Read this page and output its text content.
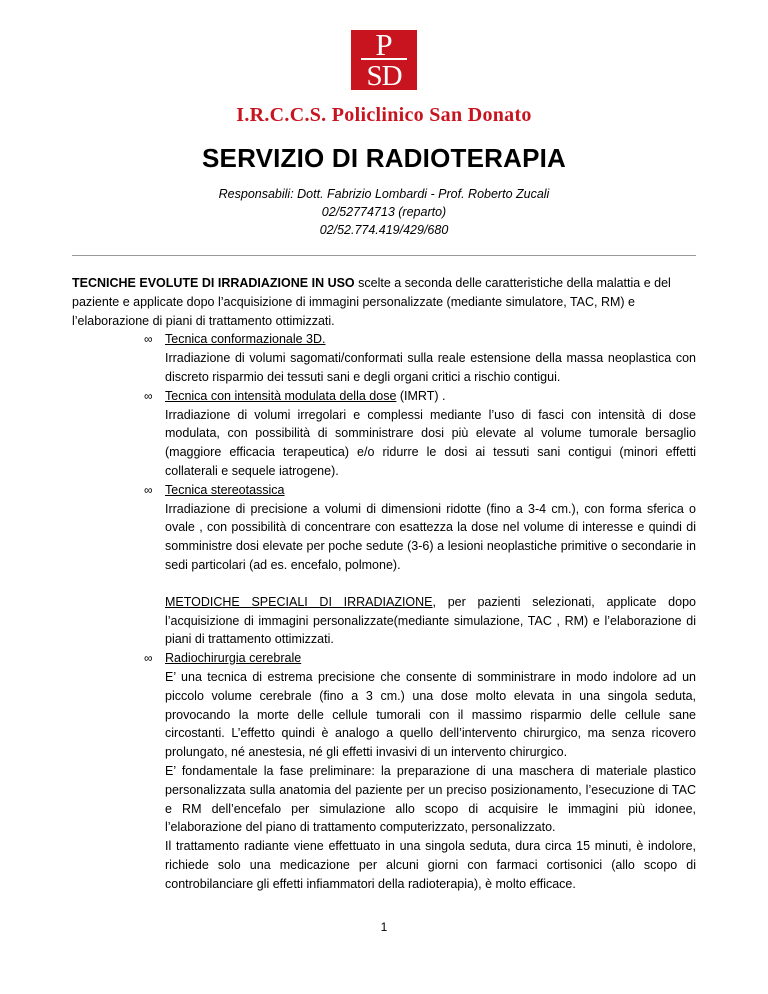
P
SD
I.R.C.C.S. Policlinico San Donato
SERVIZIO DI RADIOTERAPIA
Responsabili: Dott. Fabrizio Lombardi - Prof. Roberto Zucali
02/52774713 (reparto)
02/52.774.419/429/680

TECNICHE EVOLUTE DI IRRADIAZIONE IN USO scelte a seconda delle caratteristiche della malattia e del paziente e applicate dopo l’acquisizione di immagini personalizzate (mediante simulatore, TAC, RM) e l’elaborazione di piani di trattamento ottimizzati.

∞ Tecnica conformazionale 3D.
Irradiazione di volumi sagomati/conformati sulla reale estensione della massa neoplastica con discreto risparmio dei tessuti sani e degli organi critici a rischio contigui.
∞ Tecnica con intensità modulata della dose (IMRT) .
Irradiazione di volumi irregolari e complessi mediante l’uso di fasci con intensità di dose modulata, con possibilità di somministrare dosi più elevate al volume tumorale bersaglio (maggiore efficacia terapeutica) e/o ridurre le dosi ai tessuti sani contigui (minori effetti collaterali e sequele iatrogene).
∞ Tecnica stereotassica
Irradiazione di precisione a volumi di dimensioni ridotte (fino a 3-4 cm.), con forma sferica o ovale , con possibilità di concentrare con esattezza la dose nel volume di interesse e quindi di somministre dosi elevate per poche sedute (3-6) a lesioni neoplastiche primitive o secondarie in sedi particolari (ad es. encefalo, polmone).

METODICHE SPECIALI DI IRRADIAZIONE, per pazienti selezionati, applicate dopo l’acquisizione di immagini personalizzate(mediante simulazione, TAC , RM) e l’elaborazione di piani di trattamento ottimizzati.

∞ Radiochirurgia cerebrale
E’ una tecnica di estrema precisione che consente di somministrare in modo indolore ad un piccolo volume cerebrale (fino a 3 cm.) una dose molto elevata in una singola seduta, provocando la morte delle cellule tumorali con il massimo risparmio delle cellule sane circostanti. L’effetto quindi è analogo a quello dell’intervento chirurgico, ma senza ricovero prolungato, né anestesia, né gli effetti invasivi di un intervento chirurgico.
E’ fondamentale la fase preliminare: la preparazione di una maschera di materiale plastico personalizzata sulla anatomia del paziente per un preciso posizionamento, l’esecuzione di TAC e RM dell’encefalo per simulazione allo scopo di acquisire le immagini più idonee, l’elaborazione del piano di trattamento computerizzato, personalizzato.
Il trattamento radiante viene effettuato in una singola seduta, dura circa 15 minuti, è indolore, richiede solo una medicazione per alcuni giorni con farmaci cortisonici (allo scopo di controbilanciare gli effetti infiammatori della radioterapia), è molto efficace.
1
